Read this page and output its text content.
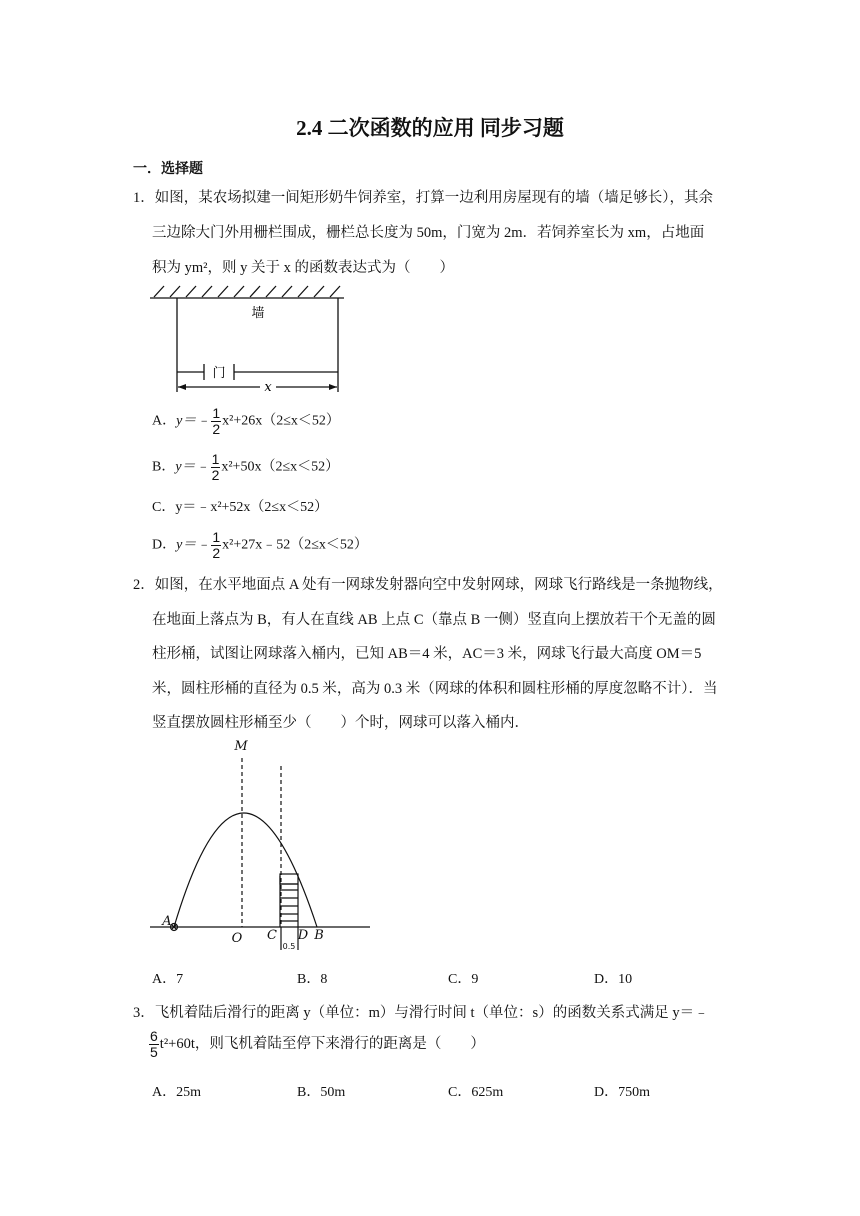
2.4 二次函数的应用 同步习题
一．选择题
1．如图，某农场拟建一间矩形奶牛饲养室，打算一边利用房屋现有的墙（墙足够长），其余
三边除大门外用栅栏围成，栅栏总长度为 50m，门宽为 2m．若饲养室长为 xm，占地面
积为 ym²，则 y 关于 x 的函数表达式为（　　）
墙
门
x
A．y＝﹣ $\frac{1}{2} x^2+26x(2\le x<52)$
B．y＝﹣ $\frac{1}{2} x^2+50x(2\le x<52)$
C．y＝﹣x²+52x（2≤x＜52）
D．y＝﹣ $\frac{1}{2}$ x²+27x﹣52（2≤x＜52）
2．如图，在水平地面点 A 处有一网球发射器向空中发射网球，网球飞行路线是一条抛物线，
在地面上落点为 B，有人在直线 AB 上点 C（靠点 B 一侧）竖直向上摆放若干个无盖的圆
柱形桶，试图让网球落入桶内，已知 AB＝4 米，AC＝3 米，网球飞行最大高度 OM＝5
米，圆柱形桶的直径为 0.5 米，高为 0.3 米（网球的体积和圆柱形桶的厚度忽略不计）．当
竖直摆放圆柱形桶至少（　　）个时，网球可以落入桶内．
M
A
O C D B
0.5
A．7	B．8	C．9	D．10
3．飞机着陆后滑行的距离 y（单位：m）与滑行时间 t（单位：s）的函数关系式满足 y＝﹣
$\frac{6}{5} t^2+60t$，则飞机着陆至停下来滑行的距离是（　　）
A．25m	B．50m	C．625m	D．750m
